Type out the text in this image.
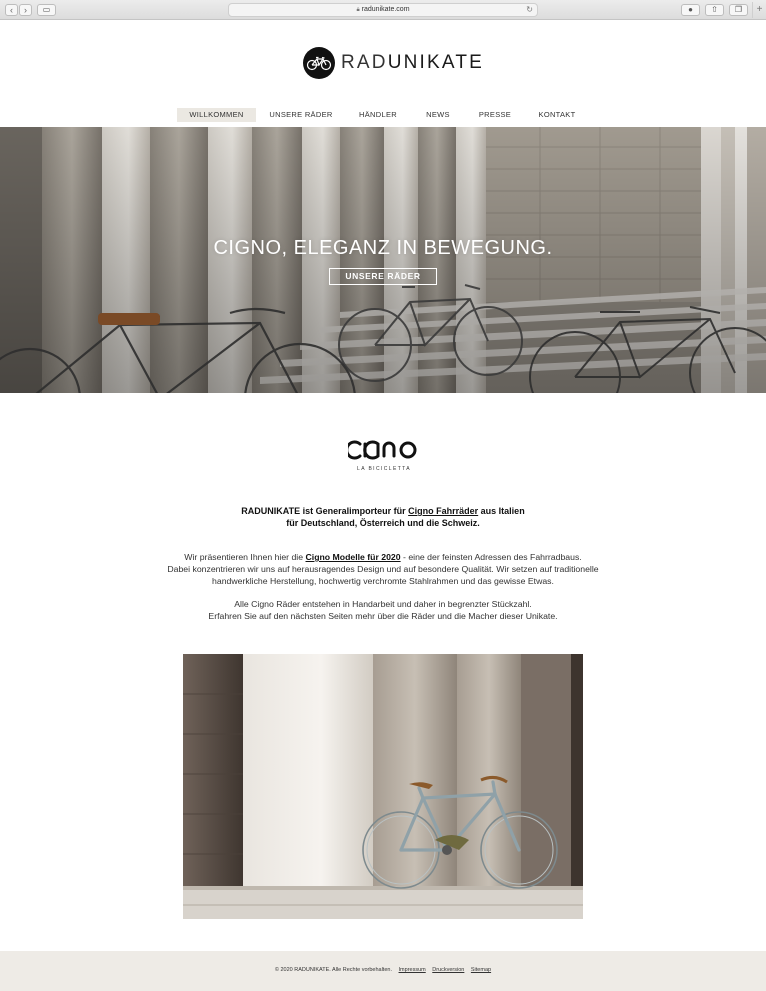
‹	›	▭	🔒︎ radunikate.com	↻	●	⇧	❐	+
RADUNIKATE
WILLKOMMEN	UNSERE RÄDER	HÄNDLER	NEWS	PRESSE	KONTAKT
CIGNO, ELEGANZ IN BEWEGUNG.
UNSERE RÄDER
LA BICICLETTA
RADUNIKATE ist Generalimporteur für Cigno Fahrräder aus Italien
für Deutschland, Österreich und die Schweiz.

Wir präsentieren Ihnen hier die Cigno Modelle für 2020 - eine der feinsten Adressen des Fahrradbaus.
Dabei konzentrieren wir uns auf herausragendes Design und auf besondere Qualität. Wir setzen auf traditionelle
handwerkliche Herstellung, hochwertig verchromte Stahlrahmen und das gewisse Etwas.

Alle Cigno Räder entstehen in Handarbeit und daher in begrenzter Stückzahl.
Erfahren Sie auf den nächsten Seiten mehr über die Räder und die Macher dieser Unikate.

© 2020 RADUNIKATE. Alle Rechte vorbehalten. Impressum Druckversion Sitemap
